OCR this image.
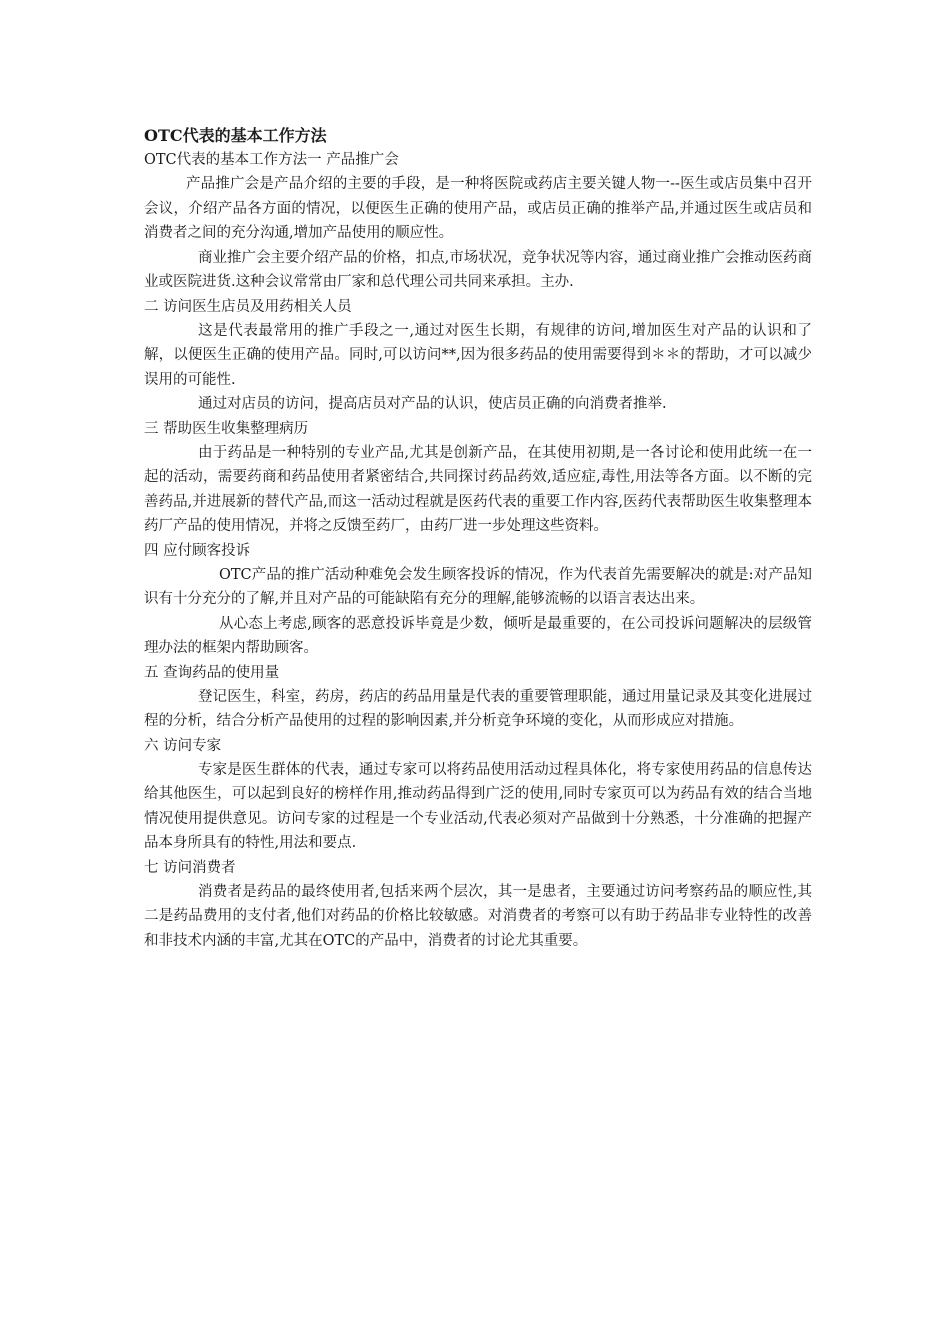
OTC代表的基本工作方法

OTC代表的基本工作方法一 产品推广会

产品推广会是产品介绍的主要的手段，是一种将医院或药店主要关键人物一--医生或店员集中召开会议，介绍产品各方面的情况，以便医生正确的使用产品，或店员正确的推举产品,并通过医生或店员和消费者之间的充分沟通,增加产品使用的顺应性。

商业推广会主要介绍产品的价格，扣点,市场状况，竞争状况等内容，通过商业推广会推动医药商业或医院进货.这种会议常常由厂家和总代理公司共同来承担。主办.

二 访问医生店员及用药相关人员

这是代表最常用的推广手段之一,通过对医生长期，有规律的访问,增加医生对产品的认识和了解，以便医生正确的使用产品。同时,可以访问**,因为很多药品的使用需要得到＊＊的帮助，才可以减少误用的可能性.

通过对店员的访问，提高店员对产品的认识，使店员正确的向消费者推举.

三 帮助医生收集整理病历

由于药品是一种特别的专业产品,尤其是创新产品，在其使用初期,是一各讨论和使用此统一在一起的活动，需要药商和药品使用者紧密结合,共同探讨药品药效,适应症,毒性,用法等各方面。以不断的完善药品,并进展新的替代产品,而这一活动过程就是医药代表的重要工作内容,医药代表帮助医生收集整理本药厂产品的使用情况，并将之反馈至药厂，由药厂进一步处理这些资料。

四 应付顾客投诉

OTC产品的推广活动种难免会发生顾客投诉的情况，作为代表首先需要解决的就是:对产品知识有十分充分的了解,并且对产品的可能缺陷有充分的理解,能够流畅的以语言表达出来。

从心态上考虑,顾客的恶意投诉毕竟是少数，倾听是最重要的，在公司投诉问题解决的层级管理办法的框架内帮助顾客。

五 查询药品的使用量

登记医生，科室，药房，药店的药品用量是代表的重要管理职能，通过用量记录及其变化进展过程的分析，结合分析产品使用的过程的影响因素,并分析竞争环境的变化，从而形成应对措施。

六 访问专家

专家是医生群体的代表，通过专家可以将药品使用活动过程具体化，将专家使用药品的信息传达给其他医生，可以起到良好的榜样作用,推动药品得到广泛的使用,同时专家页可以为药品有效的结合当地情况使用提供意见。访问专家的过程是一个专业活动,代表必须对产品做到十分熟悉，十分准确的把握产品本身所具有的特性,用法和要点.

七 访问消费者

消费者是药品的最终使用者,包括来两个层次，其一是患者，主要通过访问考察药品的顺应性,其二是药品费用的支付者,他们对药品的价格比较敏感。对消费者的考察可以有助于药品非专业特性的改善和非技术内涵的丰富,尤其在OTC的产品中，消费者的讨论尤其重要。
